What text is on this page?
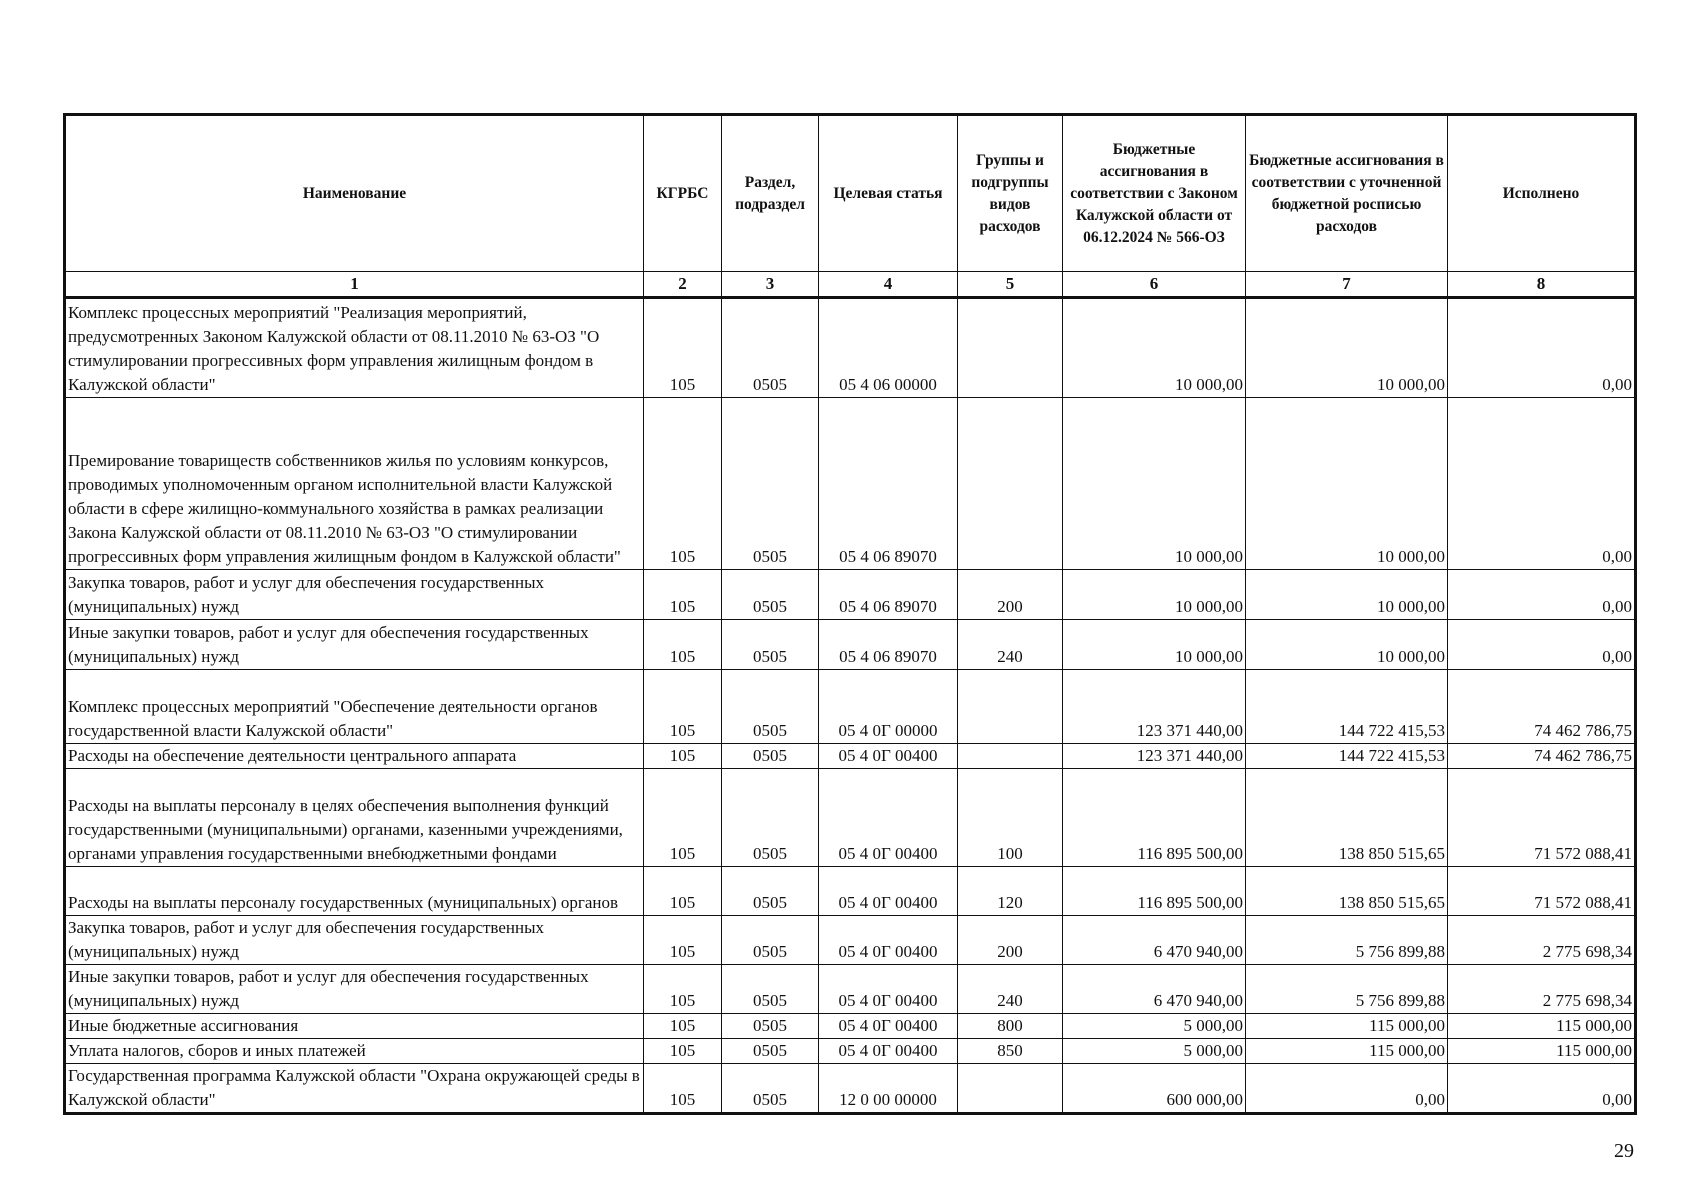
Наименование	КГРБС	Раздел, подраздел	Целевая статья	Группы и подгруппы видов расходов	Бюджетные ассигнования в соответствии с Законом Калужской области от 06.12.2024 № 566-ОЗ	Бюджетные ассигнования в соответствии с уточненной бюджетной росписью расходов	Исполнено
1	2	3	4	5	6	7	8
Комплекс процессных мероприятий "Реализация мероприятий, предусмотренных Законом Калужской области от 08.11.2010 № 63-ОЗ "О стимулировании прогрессивных форм управления жилищным фондом в Калужской области"	105	0505	05 4 06 00000		10 000,00	10 000,00	0,00
Премирование товариществ собственников жилья по условиям конкурсов, проводимых уполномоченным органом исполнительной власти Калужской области в сфере жилищно-коммунального хозяйства в рамках реализации Закона Калужской области от 08.11.2010 № 63-ОЗ "О стимулировании прогрессивных форм управления жилищным фондом в Калужской области"	105	0505	05 4 06 89070		10 000,00	10 000,00	0,00
Закупка товаров, работ и услуг для обеспечения государственных (муниципальных) нужд	105	0505	05 4 06 89070	200	10 000,00	10 000,00	0,00
Иные закупки товаров, работ и услуг для обеспечения государственных (муниципальных) нужд	105	0505	05 4 06 89070	240	10 000,00	10 000,00	0,00
Комплекс процессных мероприятий "Обеспечение деятельности органов государственной власти Калужской области"	105	0505	05 4 0Г 00000		123 371 440,00	144 722 415,53	74 462 786,75
Расходы на обеспечение деятельности центрального аппарата	105	0505	05 4 0Г 00400		123 371 440,00	144 722 415,53	74 462 786,75
Расходы на выплаты персоналу в целях обеспечения выполнения функций государственными (муниципальными) органами, казенными учреждениями, органами управления государственными внебюджетными фондами	105	0505	05 4 0Г 00400	100	116 895 500,00	138 850 515,65	71 572 088,41
Расходы на выплаты персоналу государственных (муниципальных) органов	105	0505	05 4 0Г 00400	120	116 895 500,00	138 850 515,65	71 572 088,41
Закупка товаров, работ и услуг для обеспечения государственных (муниципальных) нужд	105	0505	05 4 0Г 00400	200	6 470 940,00	5 756 899,88	2 775 698,34
Иные закупки товаров, работ и услуг для обеспечения государственных (муниципальных) нужд	105	0505	05 4 0Г 00400	240	6 470 940,00	5 756 899,88	2 775 698,34
Иные бюджетные ассигнования	105	0505	05 4 0Г 00400	800	5 000,00	115 000,00	115 000,00
Уплата налогов, сборов и иных платежей	105	0505	05 4 0Г 00400	850	5 000,00	115 000,00	115 000,00
Государственная программа Калужской области "Охрана окружающей среды в Калужской области"	105	0505	12 0 00 00000		600 000,00	0,00	0,00
29
